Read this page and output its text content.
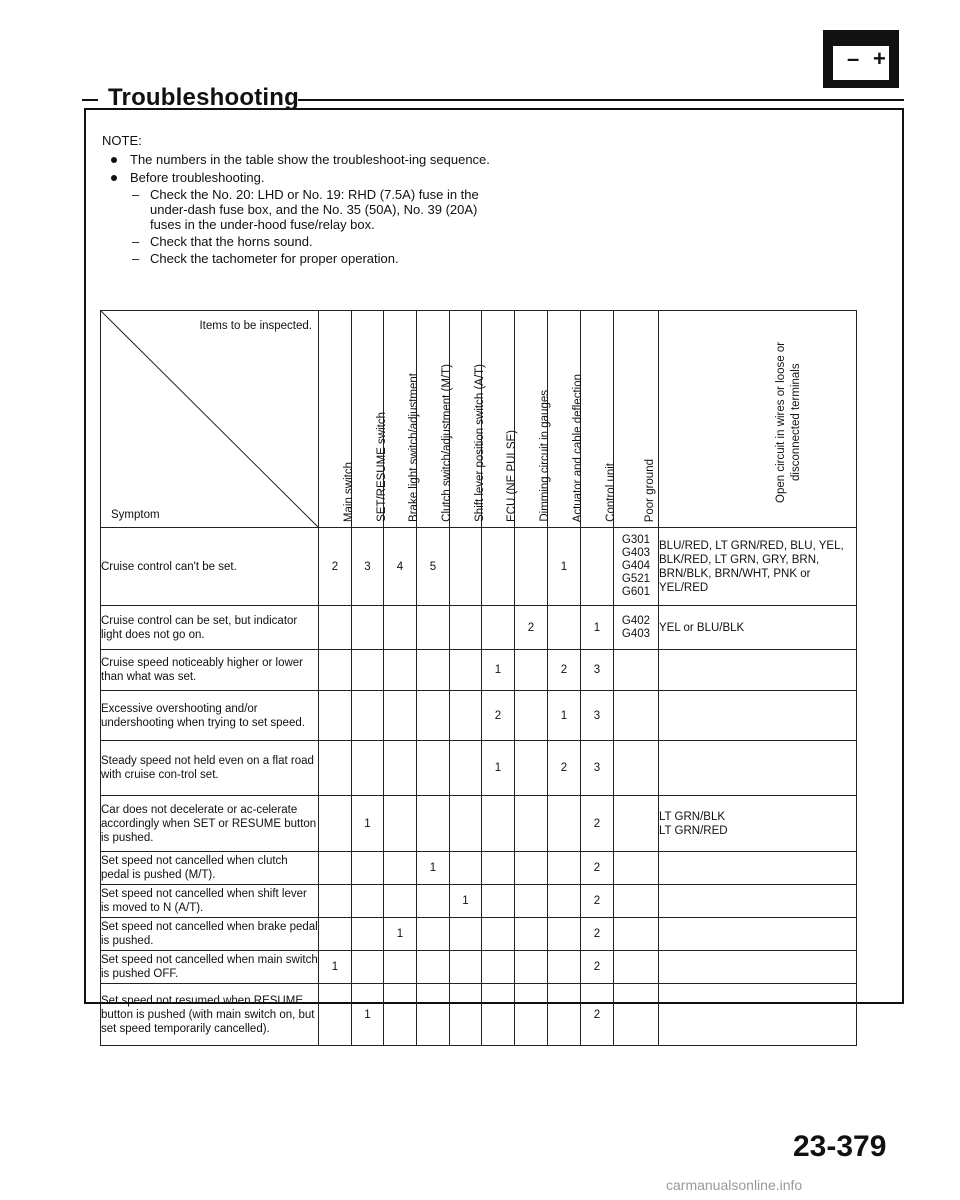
– +
Troubleshooting

NOTE:

The numbers in the table show the troubleshoot-ing sequence.
Before troubleshooting.
– Check the No. 20: LHD or No. 19: RHD (7.5A) fuse in the under-dash fuse box, and the No. 35 (50A), No. 39 (20A) fuses in the under-hood fuse/relay box.
– Check that the horns sound.
– Check the tachometer for proper operation.
Items to be inspected.
Symptom	Main switch	SET/RESUME switch	Brake light switch/adjustment	Clutch switch/adjustment (M/T)	Shift lever position switch (A/T)	ECU (NE PULSE)	Dimming circuit in gauges	Actuator and cable deflection	Control unit	Poor ground	Open circuit in wires or loose or disconnected terminals

Cruise control can't be set.	2	3	4	5				1		G301
G403
G404
G521
G601	BLU/RED, LT GRN/RED, BLU, YEL, BLK/RED, LT GRN, GRY, BRN, BRN/BLK, BRN/WHT, PNK or YEL/RED
Cruise control can be set, but indicator light does not go on.							2		1	G402
G403	YEL or BLU/BLK
Cruise speed noticeably higher or lower than what was set.						1		2	3		
Excessive overshooting and/or undershooting when trying to set speed.						2		1	3		
Steady speed not held even on a flat road with cruise con-trol set.						1		2	3		
Car does not decelerate or ac-celerate accordingly when SET or RESUME button is pushed.		1							2		LT GRN/BLK
LT GRN/RED
Set speed not cancelled when clutch pedal is pushed (M/T).				1					2		
Set speed not cancelled when shift lever is moved to N (A/T).					1				2		
Set speed not cancelled when brake pedal is pushed.			1						2		
Set speed not cancelled when main switch is pushed OFF.	1								2		
Set speed not resumed when RESUME button is pushed (with main switch on, but set speed temporarily cancelled).		1							2		
23-379
carmanualsonline.info
